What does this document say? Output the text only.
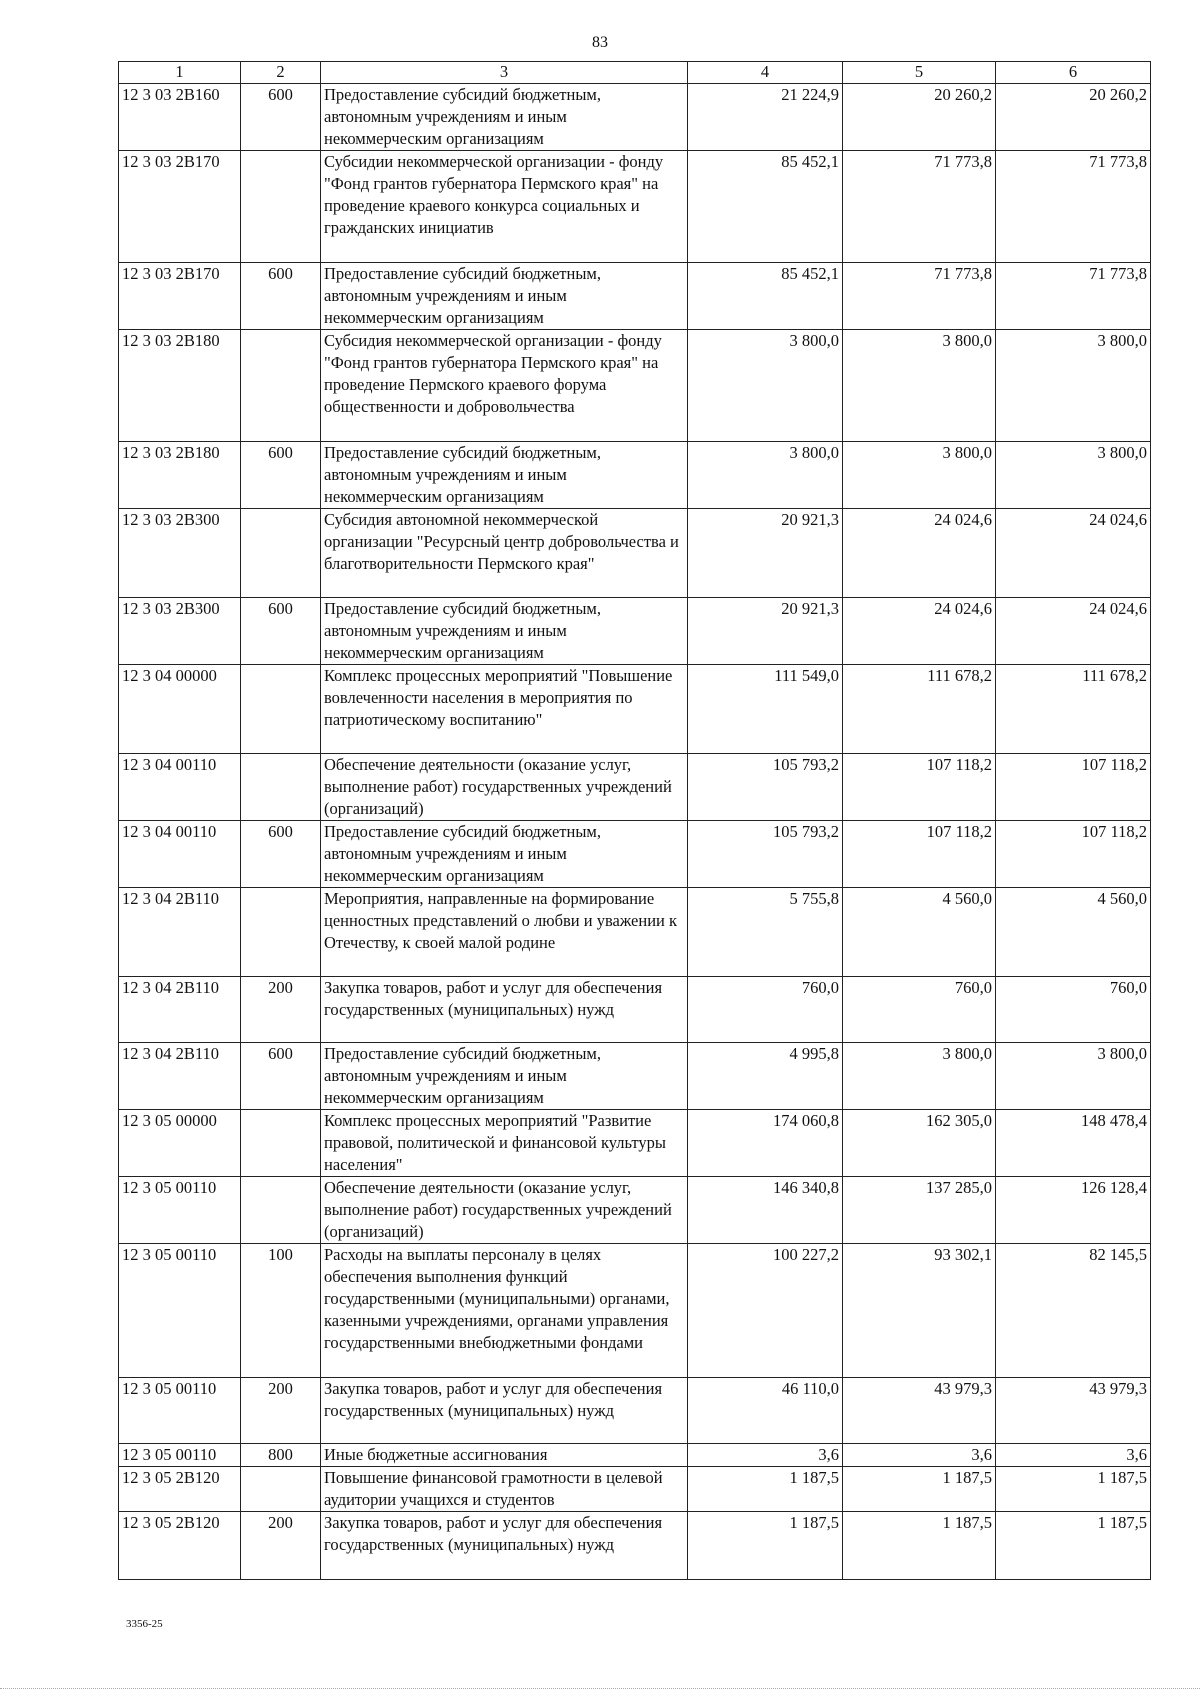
83
1	2	3	4	5	6
12 3 03 2B160	600	Предоставление субсидий бюджетным, автономным учреждениям и иным некоммерческим организациям	21 224,9	20 260,2	20 260,2
12 3 03 2B170		Субсидии некоммерческой организации - фонду "Фонд грантов губернатора Пермского края" на проведение краевого конкурса социальных и гражданских инициатив	85 452,1	71 773,8	71 773,8
12 3 03 2B170	600	Предоставление субсидий бюджетным, автономным учреждениям и иным некоммерческим организациям	85 452,1	71 773,8	71 773,8
12 3 03 2B180		Субсидия некоммерческой организации - фонду "Фонд грантов губернатора Пермского края" на проведение Пермского краевого форума общественности и добровольчества	3 800,0	3 800,0	3 800,0
12 3 03 2B180	600	Предоставление субсидий бюджетным, автономным учреждениям и иным некоммерческим организациям	3 800,0	3 800,0	3 800,0
12 3 03 2B300		Субсидия автономной некоммерческой организации "Ресурсный центр добровольчества и благотворительности Пермского края"	20 921,3	24 024,6	24 024,6
12 3 03 2B300	600	Предоставление субсидий бюджетным, автономным учреждениям и иным некоммерческим организациям	20 921,3	24 024,6	24 024,6
12 3 04 00000		Комплекс процессных мероприятий "Повышение вовлеченности населения в мероприятия по патриотическому воспитанию"	111 549,0	111 678,2	111 678,2
12 3 04 00110		Обеспечение деятельности (оказание услуг, выполнение работ) государственных учреждений (организаций)	105 793,2	107 118,2	107 118,2
12 3 04 00110	600	Предоставление субсидий бюджетным, автономным учреждениям и иным некоммерческим организациям	105 793,2	107 118,2	107 118,2
12 3 04 2B110		Мероприятия, направленные на формирование ценностных представлений о любви и уважении к Отечеству, к своей малой родине	5 755,8	4 560,0	4 560,0
12 3 04 2B110	200	Закупка товаров, работ и услуг для обеспечения государственных (муниципальных) нужд	760,0	760,0	760,0
12 3 04 2B110	600	Предоставление субсидий бюджетным, автономным учреждениям и иным некоммерческим организациям	4 995,8	3 800,0	3 800,0
12 3 05 00000		Комплекс процессных мероприятий "Развитие правовой, политической и финансовой культуры населения"	174 060,8	162 305,0	148 478,4
12 3 05 00110		Обеспечение деятельности (оказание услуг, выполнение работ) государственных учреждений (организаций)	146 340,8	137 285,0	126 128,4
12 3 05 00110	100	Расходы на выплаты персоналу в целях обеспечения выполнения функций государственными (муниципальными) органами, казенными учреждениями, органами управления государственными внебюджетными фондами	100 227,2	93 302,1	82 145,5
12 3 05 00110	200	Закупка товаров, работ и услуг для обеспечения государственных (муниципальных) нужд	46 110,0	43 979,3	43 979,3
12 3 05 00110	800	Иные бюджетные ассигнования	3,6	3,6	3,6
12 3 05 2B120		Повышение финансовой грамотности в целевой аудитории учащихся и студентов	1 187,5	1 187,5	1 187,5
12 3 05 2B120	200	Закупка товаров, работ и услуг для обеспечения государственных (муниципальных) нужд	1 187,5	1 187,5	1 187,5
3356-25
